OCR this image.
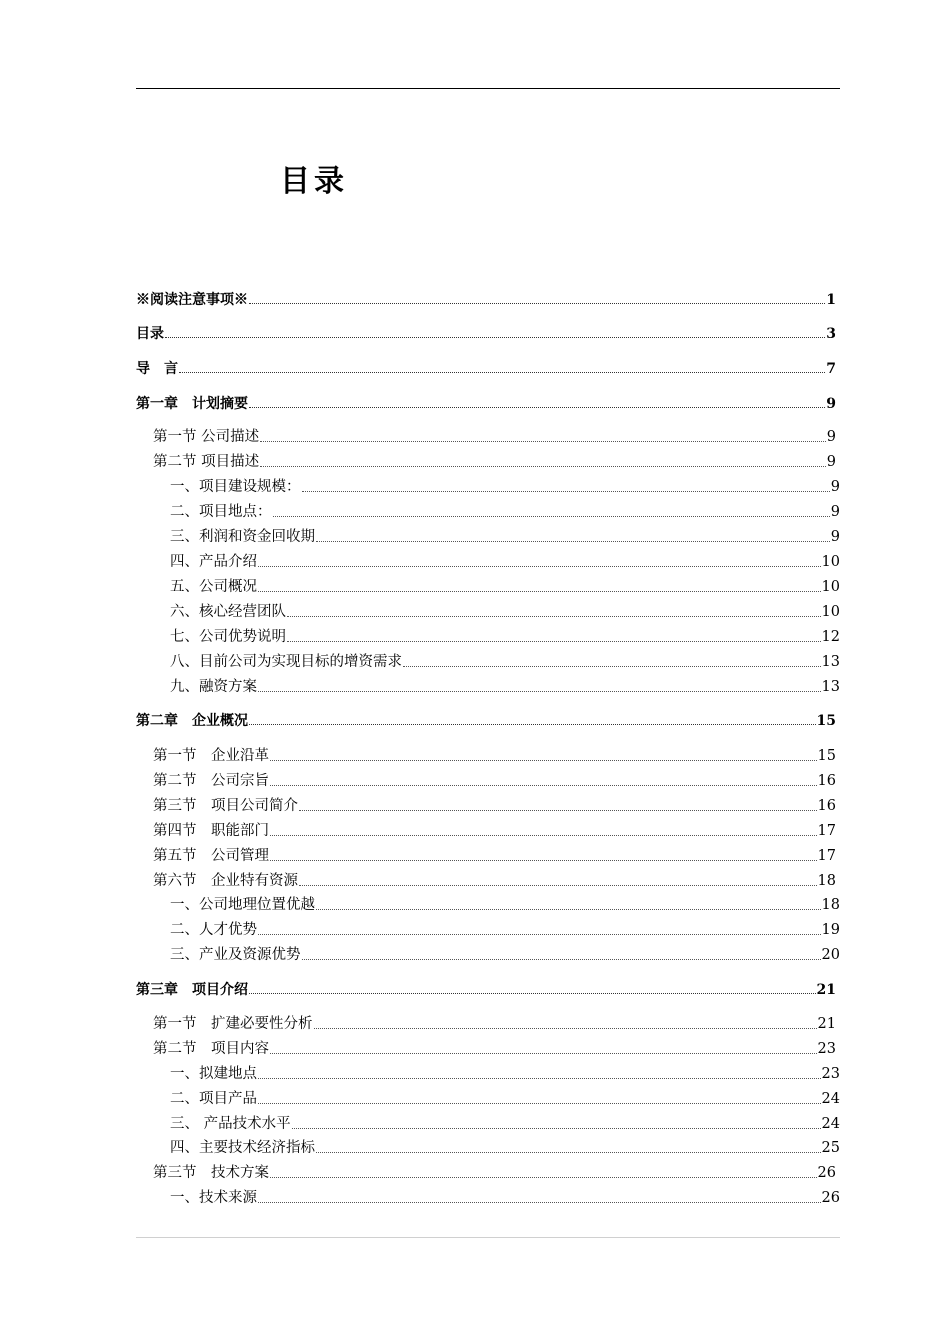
目录
※阅读注意事项※	1
目录	3
导　言	7
第一章　计划摘要	9
第一节 公司描述	9
第二节 项目描述	9
一、项目建设规模：	9
二、项目地点：	9
三、利润和资金回收期	9
四、产品介绍	10
五、公司概况	10
六、核心经营团队	10
七、公司优势说明	12
八、目前公司为实现目标的增资需求	13
九、融资方案	13
第二章　企业概况	15
第一节　企业沿革	15
第二节　公司宗旨	16
第三节　项目公司简介	16
第四节　职能部门	17
第五节　公司管理	17
第六节　企业特有资源	18
一、公司地理位置优越	18
二、人才优势	19
三、产业及资源优势	20
第三章　项目介绍	21
第一节　扩建必要性分析	21
第二节　项目内容	23
一、拟建地点	23
二、项目产品	24
三、 产品技术水平	24
四、主要技术经济指标	25
第三节　技术方案	26
一、技术来源	26
